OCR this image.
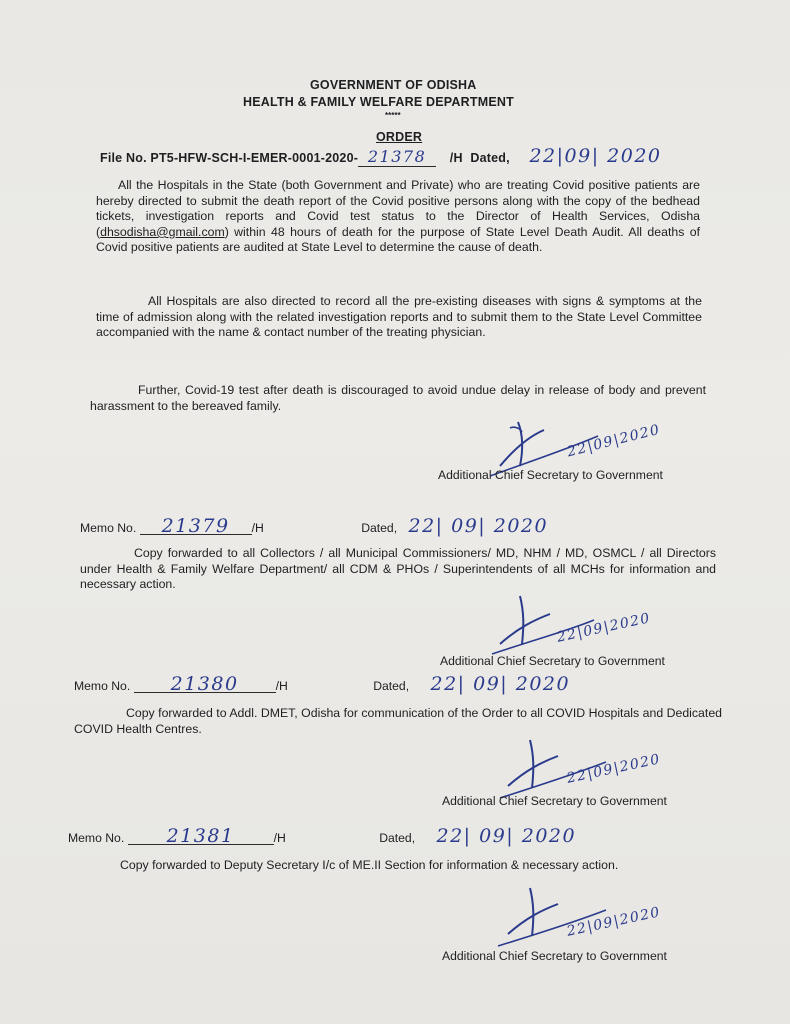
GOVERNMENT OF ODISHA
HEALTH & FAMILY WELFARE DEPARTMENT
*****
ORDER
File No. PT5-HFW-SCH-I-EMER-0001-2020- 21378 /H Dated, 22|09| 2020
All the Hospitals in the State (both Government and Private) who are treating Covid positive patients are hereby directed to submit the death report of the Covid positive persons along with the copy of the bedhead tickets, investigation reports and Covid test status to the Director of Health Services, Odisha (dhsodisha@gmail.com) within 48 hours of death for the purpose of State Level Death Audit. All deaths of Covid positive patients are audited at State Level to determine the cause of death.
All Hospitals are also directed to record all the pre-existing diseases with signs & symptoms at the time of admission along with the related investigation reports and to submit them to the State Level Committee accompanied with the name & contact number of the treating physician.
Further, Covid-19 test after death is discouraged to avoid undue delay in release of body and prevent harassment to the bereaved family.
22|09|2020
Additional Chief Secretary to Government
Memo No. 21379 /H	Dated, 22| 09| 2020
Copy forwarded to all Collectors / all Municipal Commissioners/ MD, NHM / MD, OSMCL / all Directors under Health & Family Welfare Department/ all CDM & PHOs / Superintendents of all MCHs for information and necessary action.
22|09|2020
Additional Chief Secretary to Government
Memo No. 21380	/H	Dated, 22| 09| 2020
Copy forwarded to Addl. DMET, Odisha for communication of the Order to all COVID Hospitals and Dedicated COVID Health Centres.
22|09|2020
Additional Chief Secretary to Government
Memo No. 21381	/H	Dated, 22| 09| 2020
Copy forwarded to Deputy Secretary I/c of ME.II Section for information & necessary action.
22|09|2020
Additional Chief Secretary to Government
